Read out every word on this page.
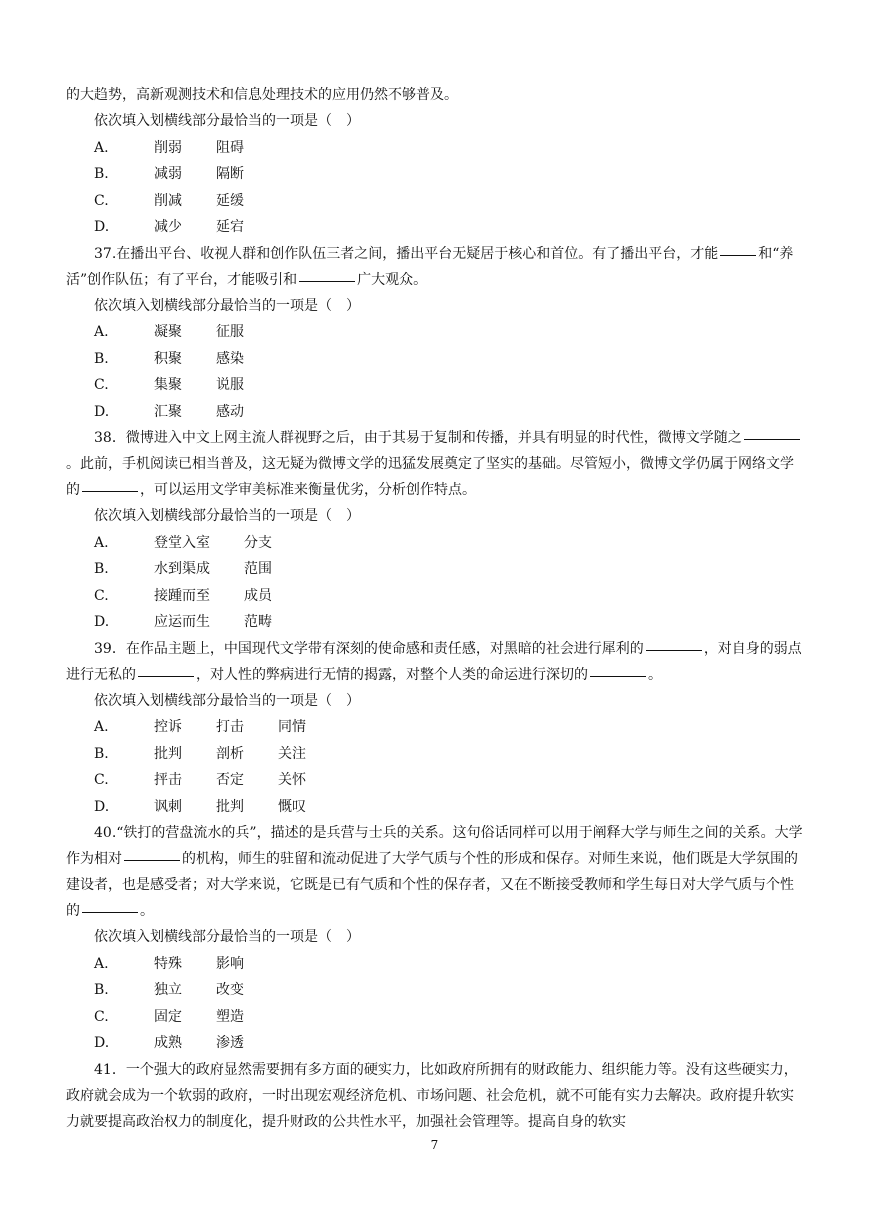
的大趋势，高新观测技术和信息处理技术的应用仍然不够普及。

依次填入划横线部分最恰当的一项是（　）

A.	削弱 阻碍

B.	减弱 隔断

C.	削减 延缓

D.	减少 延宕

37.在播出平台、收视人群和创作队伍三者之间，播出平台无疑居于核心和首位。有了播出平台，才能	和“养活”创作队伍；有了平台，才能吸引和	广大观众。

依次填入划横线部分最恰当的一项是（　）

A.	凝聚 征服

B.	积聚 感染

C.	集聚 说服

D.	汇聚 感动

38．微博进入中文上网主流人群视野之后，由于其易于复制和传播，并具有明显的时代性，微博文学随之。此前，手机阅读已相当普及，这无疑为微博文学的迅猛发展奠定了坚实的基础。尽管短小，微博文学仍属于网络文学的	，可以运用文学审美标准来衡量优劣，分析创作特点。

依次填入划横线部分最恰当的一项是（　）

A.	登堂入室 分支

B.	水到渠成 范围

C.	接踵而至 成员

D.	应运而生 范畴

39．在作品主题上，中国现代文学带有深刻的使命感和责任感，对黑暗的社会进行犀利的	，对自身的弱点进行无私的	，对人性的弊病进行无情的揭露，对整个人类的命运进行深切的	。

依次填入划横线部分最恰当的一项是（　）

A.	控诉 打击 同情

B.	批判 剖析 关注

C.	抨击 否定 关怀

D.	讽刺 批判 慨叹

40.“铁打的营盘流水的兵”，描述的是兵营与士兵的关系。这句俗话同样可以用于阐释大学与师生之间的关系。大学作为相对	的机构，师生的驻留和流动促进了大学气质与个性的形成和保存。对师生来说，他们既是大学氛围的建设者，也是感受者；对大学来说，它既是已有气质和个性的保存者，又在不断接受教师和学生每日对大学气质与个性的	。

依次填入划横线部分最恰当的一项是（　）

A.	特殊 影响

B.	独立 改变

C.	固定 塑造

D.	成熟 渗透

41．一个强大的政府显然需要拥有多方面的硬实力，比如政府所拥有的财政能力、组织能力等。没有这些硬实力，政府就会成为一个软弱的政府，一时出现宏观经济危机、市场问题、社会危机，就不可能有实力去解决。政府提升软实力就要提高政治权力的制度化，提升财政的公共性水平，加强社会管理等。提高自身的软实

7
